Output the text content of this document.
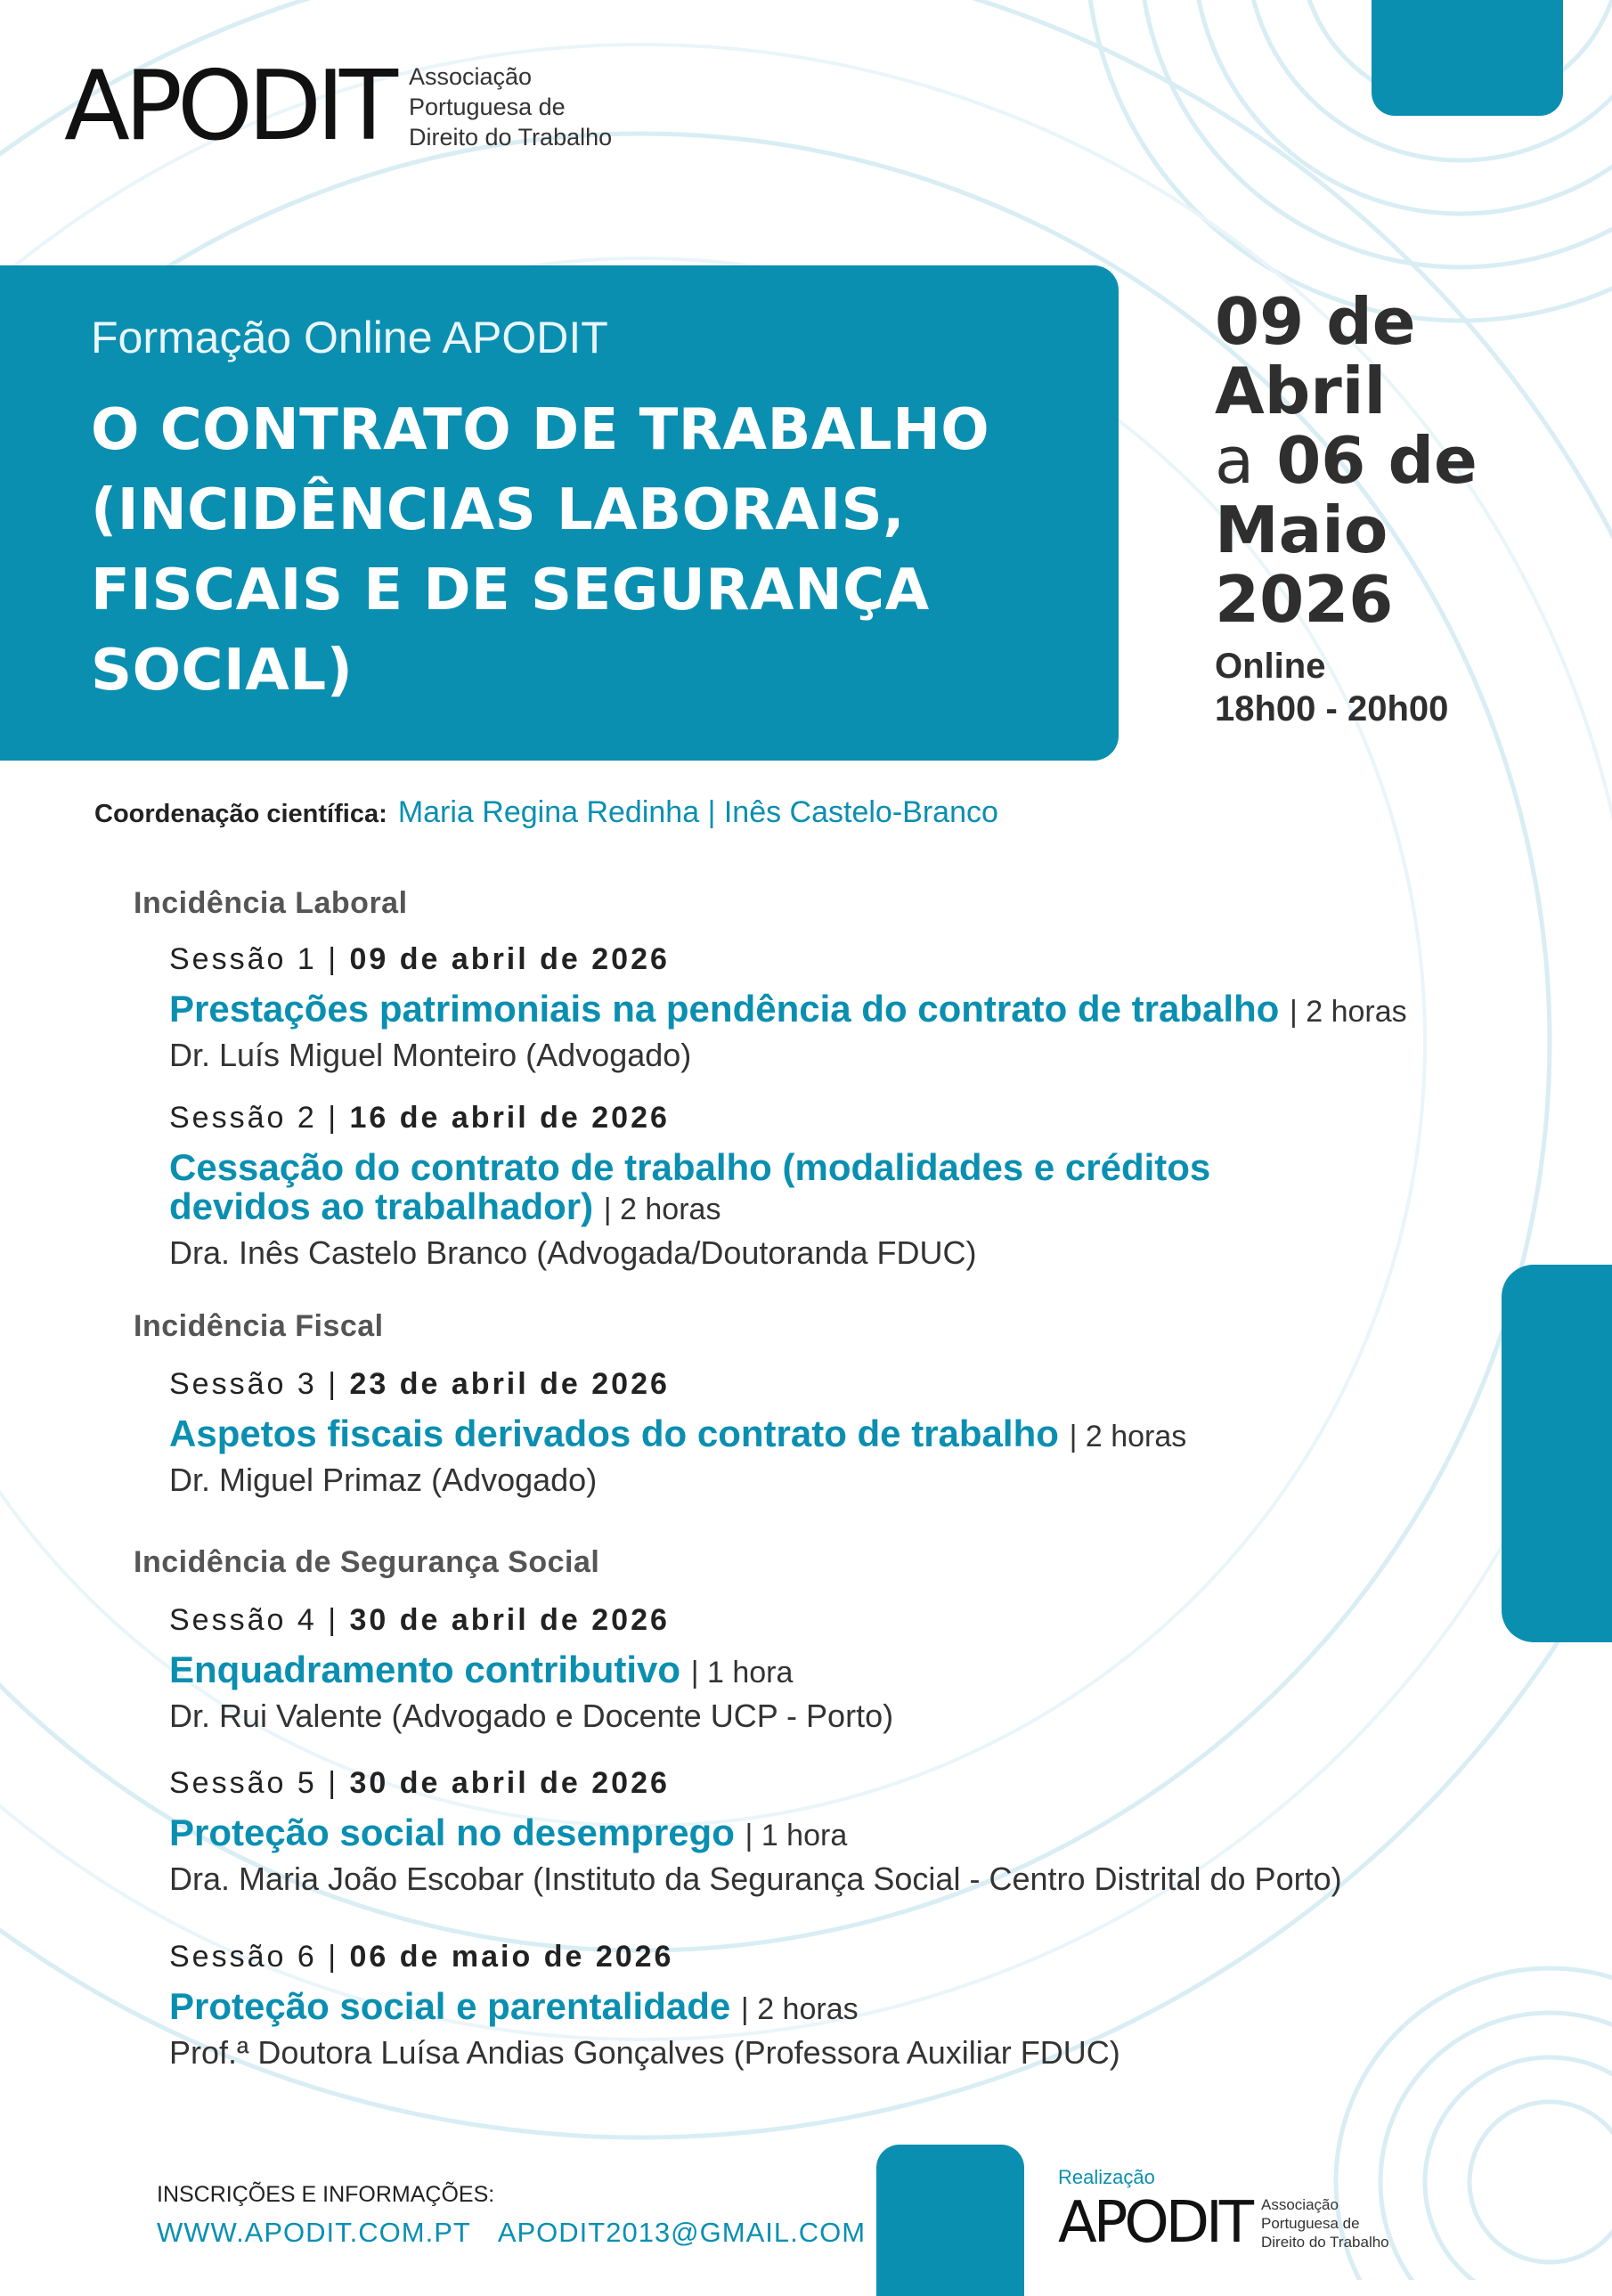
APODIT Associação
Portuguesa de
Direito do Trabalho
Formação Online APODIT
O CONTRATO DE TRABALHO
(INCIDÊNCIAS LABORAIS,
FISCAIS E DE SEGURANÇA
SOCIAL)
09 de
Abril
a 06 de
Maio
2026
Online
18h00 - 20h00
Coordenação científica: Maria Regina Redinha | Inês Castelo-Branco
Incidência Laboral
Sessão 1 | 09 de abril de 2026
Prestações patrimoniais na pendência do contrato de trabalho | 2 horas
Dr. Luís Miguel Monteiro (Advogado)
Sessão 2 | 16 de abril de 2026
Cessação do contrato de trabalho (modalidades e créditos
devidos ao trabalhador) | 2 horas
Dra. Inês Castelo Branco (Advogada/Doutoranda FDUC)
Incidência Fiscal
Sessão 3 | 23 de abril de 2026
Aspetos fiscais derivados do contrato de trabalho | 2 horas
Dr. Miguel Primaz (Advogado)
Incidência de Segurança Social
Sessão 4 | 30 de abril de 2026
Enquadramento contributivo | 1 hora
Dr. Rui Valente (Advogado e Docente UCP - Porto)
Sessão 5 | 30 de abril de 2026
Proteção social no desemprego | 1 hora
Dra. Maria João Escobar (Instituto da Segurança Social - Centro Distrital do Porto)
Sessão 6 | 06 de maio de 2026
Proteção social e parentalidade | 2 horas
Prof.ª Doutora Luísa Andias Gonçalves (Professora Auxiliar FDUC)
INSCRIÇÕES E INFORMAÇÕES:
WWW.APODIT.COM.PT APODIT2013@GMAIL.COM
Realização
APODIT Associação
Portuguesa de
Direito do Trabalho
